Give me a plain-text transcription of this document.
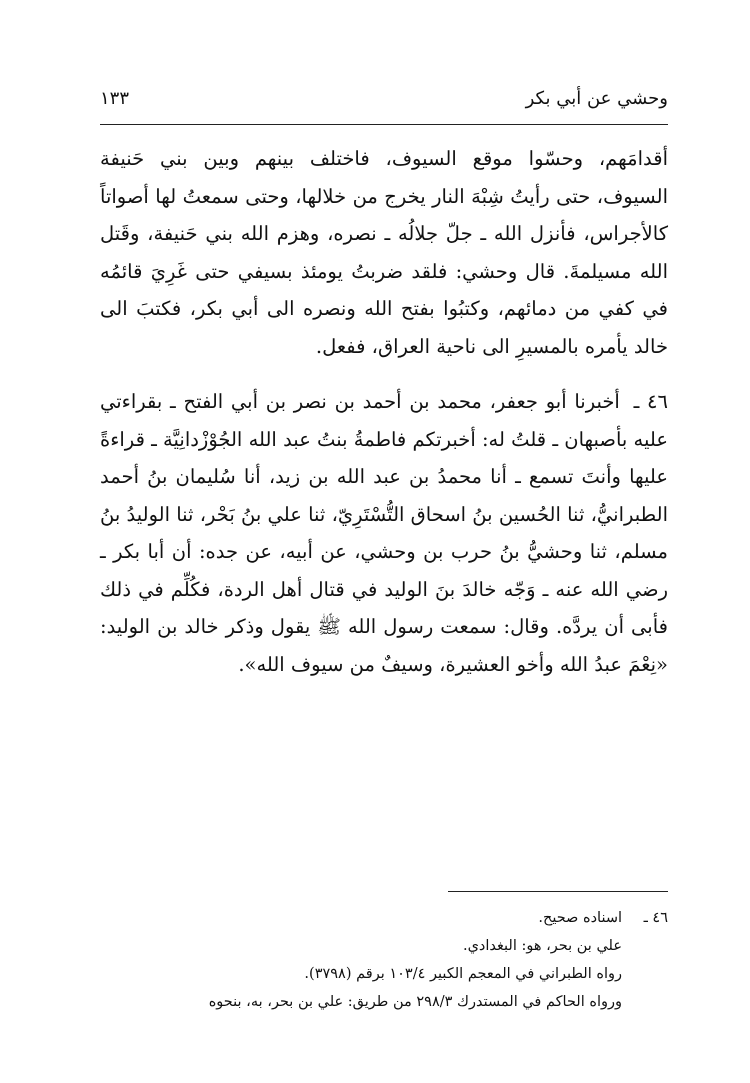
وحشي عن أبي بكر
١٣٣

أقدامَهم، وحسّوا موقع السيوف، فاختلف بينهم وبين بني حَنيفة السيوف، حتى رأيتُ شِبْهَ النار يخرج من خلالها، وحتى سمعتُ لها أصواتاً كالأجراس، فأنزل الله ـ جلّ جلالُه ـ نصره، وهزم الله بني حَنيفة، وقَتل الله مسيلمةَ. قال وحشي: فلقد ضربتُ يومئذ بسيفي حتى غَرِيَ قائمُه في كفي من دمائهم، وكتبُوا بفتح الله ونصره الى أبي بكر، فكتبَ الى خالد يأمره بالمسيرِ الى ناحية العراق، ففعل.

٤٦ ـ أخبرنا أبو جعفر، محمد بن أحمد بن نصر بن أبي الفتح ـ بقراءتي عليه بأصبهان ـ قلتُ له: أخبرتكم فاطمةُ بنتُ عبد الله الجُوْزْدانِيَّة ـ قراءةً عليها وأنتَ تسمع ـ أنا محمدُ بن عبد الله بن زيد، أنا سُليمان بنُ أحمد الطبرانيُّ، ثنا الحُسين بنُ اسحاق التُّسْتَرِيّ، ثنا علي بنُ بَحْر، ثنا الوليدُ بنُ مسلم، ثنا وحشيُّ بنُ حرب بن وحشي، عن أبيه، عن جده: أن أبا بكر ـ رضي الله عنه ـ وَجّه خالدَ بنَ الوليد في قتال أهل الردة، فكُلِّم في ذلك فأبى أن يردَّه. وقال: سمعت رسول الله ﷺ يقول وذكر خالد بن الوليد: «نِعْمَ عبدُ الله وأخو العشيرة، وسيفٌ من سيوف الله».

٤٦ ـاسناده صحيح.
علي بن بحر، هو: البغدادي.
رواه الطبراني في المعجم الكبير ١٠٣/٤ برقم (٣٧٩٨).
ورواه الحاكم في المستدرك ٢٩٨/٣ من طريق: علي بن بحر، به، بنحوه
